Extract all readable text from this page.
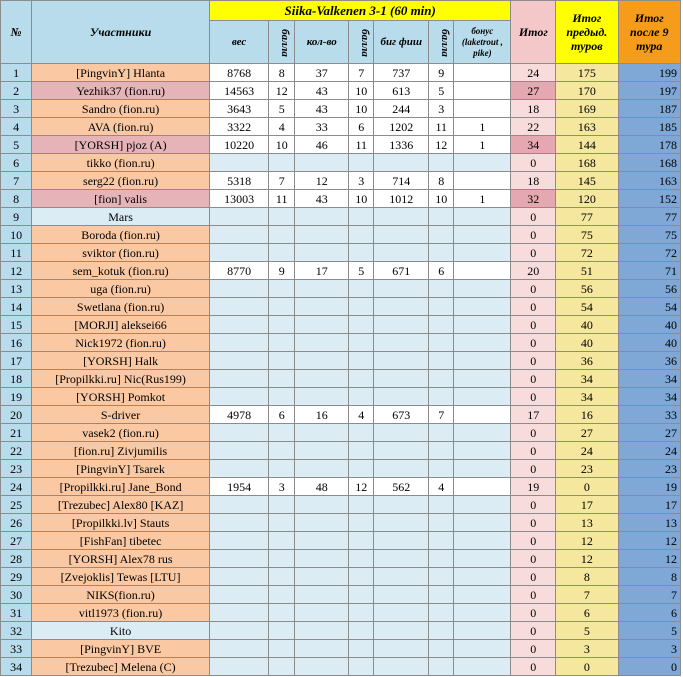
№	Участники	Siika-Valkenen 3-1 (60 min)							Итог	Итог предыд. туров	Итог после 9 тура
		вес	балла	кол-во	балла	биг фиш	балла	бонус (laketrout , pike)			
1	[PingvinY] Hlanta	8768	8	37	7	737	9		24	175	199
2	Yezhik37 (fion.ru)	14563	12	43	10	613	5		27	170	197
3	Sandro (fion.ru)	3643	5	43	10	244	3		18	169	187
4	AVA (fion.ru)	3322	4	33	6	1202	11	1	22	163	185
5	[YORSH] pjoz (A)	10220	10	46	11	1336	12	1	34	144	178
6	tikko (fion.ru)								0	168	168
7	serg22 (fion.ru)	5318	7	12	3	714	8		18	145	163
8	[fion] valis	13003	11	43	10	1012	10	1	32	120	152
9	Mars								0	77	77
10	Boroda (fion.ru)								0	75	75
11	sviktor (fion.ru)								0	72	72
12	sem_kotuk (fion.ru)	8770	9	17	5	671	6		20	51	71
13	uga (fion.ru)								0	56	56
14	Swetlana (fion.ru)								0	54	54
15	[MORJI] aleksei66								0	40	40
16	Nick1972 (fion.ru)								0	40	40
17	[YORSH] Halk								0	36	36
18	[Propilkki.ru] Nic(Rus199)								0	34	34
19	[YORSH] Pomkot								0	34	34
20	S-driver	4978	6	16	4	673	7		17	16	33
21	vasek2 (fion.ru)								0	27	27
22	[fion.ru] Zivjumilis								0	24	24
23	[PingvinY] Tsarek								0	23	23
24	[Propilkki.ru] Jane_Bond	1954	3	48	12	562	4		19	0	19
25	[Trezubec] Alex80 [KAZ]								0	17	17
26	[Propilkki.lv] Stauts								0	13	13
27	[FishFan] tibetec								0	12	12
28	[YORSH] Alex78 rus								0	12	12
29	[Zvejoklis] Tewas [LTU]								0	8	8
30	NIKS(fion.ru)								0	7	7
31	vitl1973 (fion.ru)								0	6	6
32	Kito								0	5	5
33	[PingvinY] BVE								0	3	3
34	[Trezubec] Melena (C)								0	0	0
